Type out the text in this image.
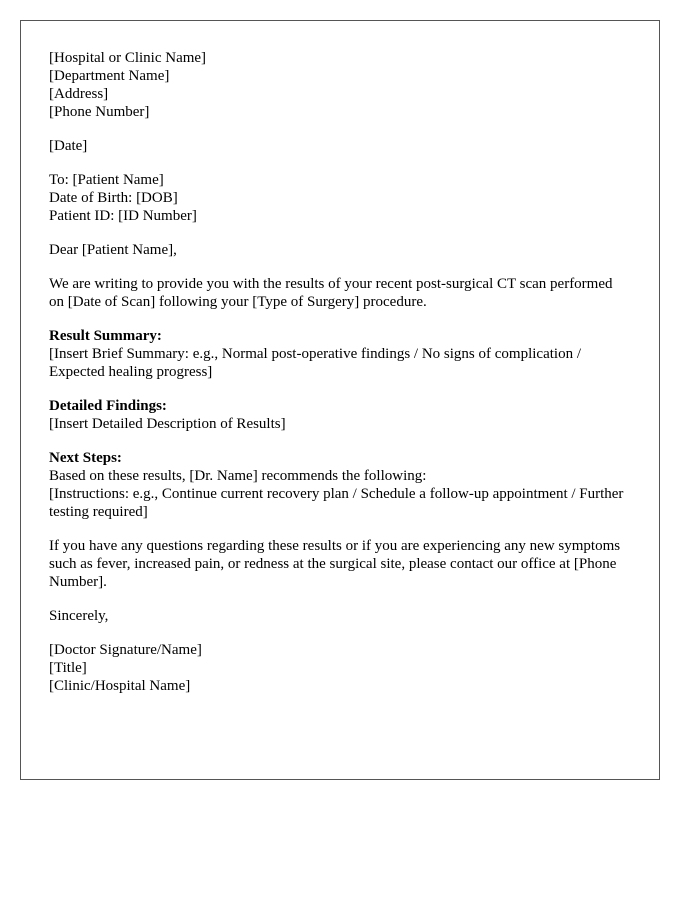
[Hospital or Clinic Name]
[Department Name]
[Address]
[Phone Number]
[Date]
To: [Patient Name]
Date of Birth: [DOB]
Patient ID: [ID Number]

Dear [Patient Name],

We are writing to provide you with the results of your recent post-surgical CT scan performed on [Date of Scan] following your [Type of Surgery] procedure.

Result Summary:
[Insert Brief Summary: e.g., Normal post-operative findings / No signs of complication / Expected healing progress]
Detailed Findings:
[Insert Detailed Description of Results]
Next Steps:
Based on these results, [Dr. Name] recommends the following:
[Instructions: e.g., Continue current recovery plan / Schedule a follow-up appointment / Further testing required]

If you have any questions regarding these results or if you are experiencing any new symptoms such as fever, increased pain, or redness at the surgical site, please contact our office at [Phone Number].

Sincerely,

[Doctor Signature/Name]
[Title]
[Clinic/Hospital Name]
